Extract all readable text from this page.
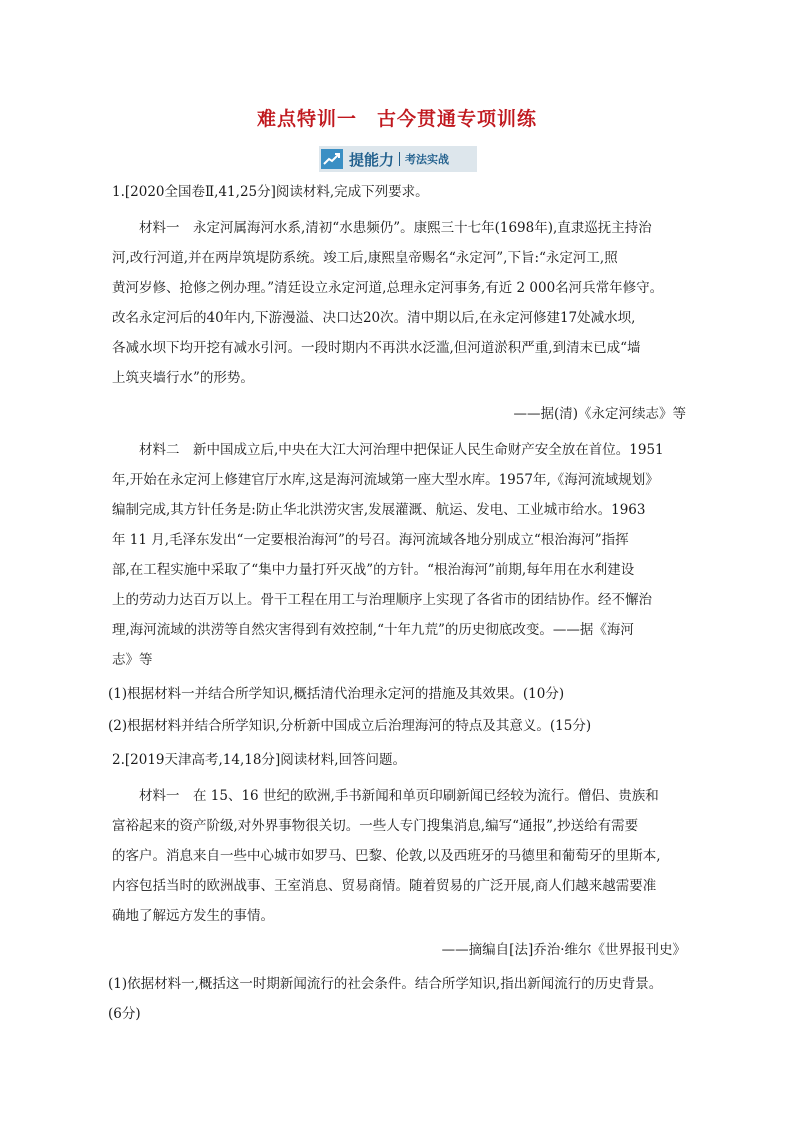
难点特训一　古今贯通专项训练
提能力 考法实战
1.[2020全国卷Ⅱ,41,25分]阅读材料,完成下列要求。
材料一　永定河属海河水系,清初“水患频仍”。康熙三十七年(1698年),直隶巡抚主持治
河,改行河道,并在两岸筑堤防系统。竣工后,康熙皇帝赐名“永定河”,下旨:“永定河工,照
黄河岁修、抢修之例办理。”清廷设立永定河道,总理永定河事务,有近 2 000名河兵常年修守。
改名永定河后的40年内,下游漫溢、决口达20次。清中期以后,在永定河修建17处减水坝,
各减水坝下均开挖有减水引河。一段时期内不再洪水泛滥,但河道淤积严重,到清末已成“墙
上筑夹墙行水”的形势。
——据(清)《永定河续志》等
材料二　新中国成立后,中央在大江大河治理中把保证人民生命财产安全放在首位。1951
年,开始在永定河上修建官厅水库,这是海河流域第一座大型水库。1957年,《海河流域规划》
编制完成,其方针任务是:防止华北洪涝灾害,发展灌溉、航运、发电、工业城市给水。1963
年 11 月,毛泽东发出“一定要根治海河”的号召。海河流域各地分别成立“根治海河”指挥
部,在工程实施中采取了“集中力量打歼灭战”的方针。“根治海河”前期,每年用在水利建设
上的劳动力达百万以上。骨干工程在用工与治理顺序上实现了各省市的团结协作。经不懈治
理,海河流域的洪涝等自然灾害得到有效控制,“十年九荒”的历史彻底改变。——据《海河
志》等
(1)根据材料一并结合所学知识,概括清代治理永定河的措施及其效果。(10分)
(2)根据材料并结合所学知识,分析新中国成立后治理海河的特点及其意义。(15分)
2.[2019天津高考,14,18分]阅读材料,回答问题。
材料一　在 15、16 世纪的欧洲,手书新闻和单页印刷新闻已经较为流行。僧侣、贵族和
富裕起来的资产阶级,对外界事物很关切。一些人专门搜集消息,编写“通报”,抄送给有需要
的客户。消息来自一些中心城市如罗马、巴黎、伦敦,以及西班牙的马德里和葡萄牙的里斯本,
内容包括当时的欧洲战事、王室消息、贸易商情。随着贸易的广泛开展,商人们越来越需要准
确地了解远方发生的事情。
——摘编自[法]乔治·维尔《世界报刊史》
(1)依据材料一,概括这一时期新闻流行的社会条件。结合所学知识,指出新闻流行的历史背景。
(6分)
